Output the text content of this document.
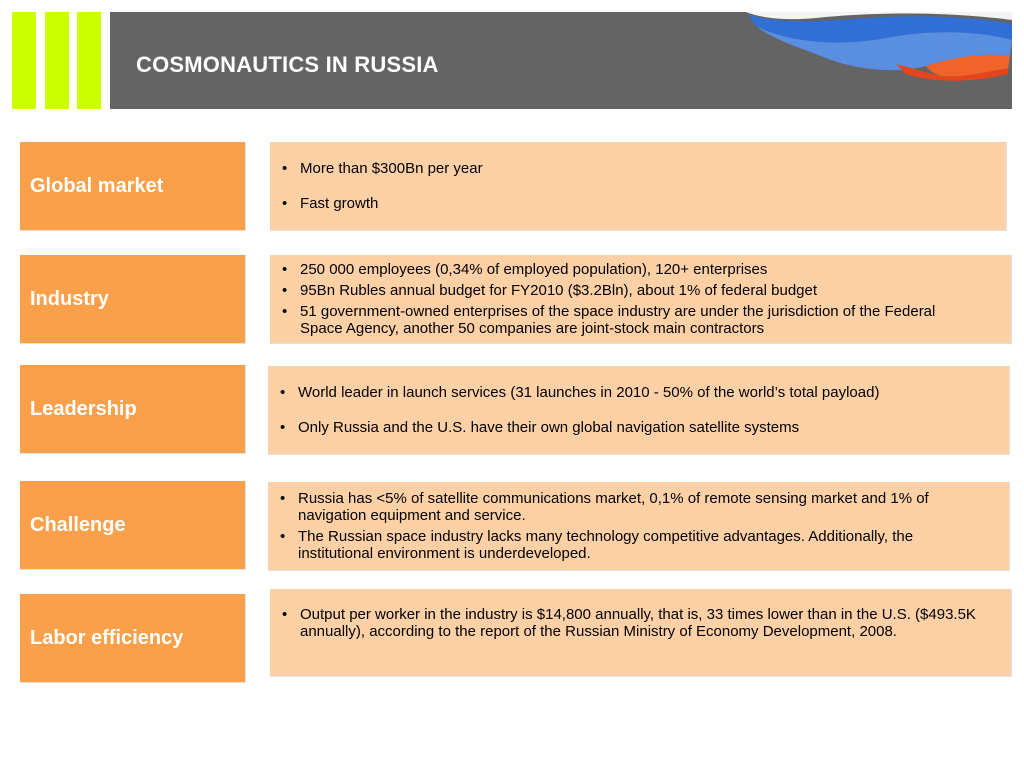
COSMONAUTICS IN RUSSIA
Global market
• More than $300Bn per year
• Fast growth
Industry
• 250 000 employees (0,34% of employed population), 120+ enterprises
• 95Bn Rubles annual budget for FY2010 ($3.2Bln), about 1% of federal budget
• 51 government-owned enterprises of the space industry are under the jurisdiction of the Federal Space Agency, another 50 companies are joint-stock main contractors
Leadership
• World leader in launch services (31 launches in 2010 - 50% of the world’s total payload)
• Only Russia and the U.S. have their own global navigation satellite systems
Challenge
• Russia has <5% of satellite communications market, 0,1% of remote sensing market and 1% of navigation equipment and service.
• The Russian space industry lacks many technology competitive advantages. Additionally, the institutional environment is underdeveloped.
Labor efficiency
• Output per worker in the industry is $14,800 annually, that is, 33 times lower than in the U.S. ($493.5K annually), according to the report of the Russian Ministry of Economy Development, 2008.
